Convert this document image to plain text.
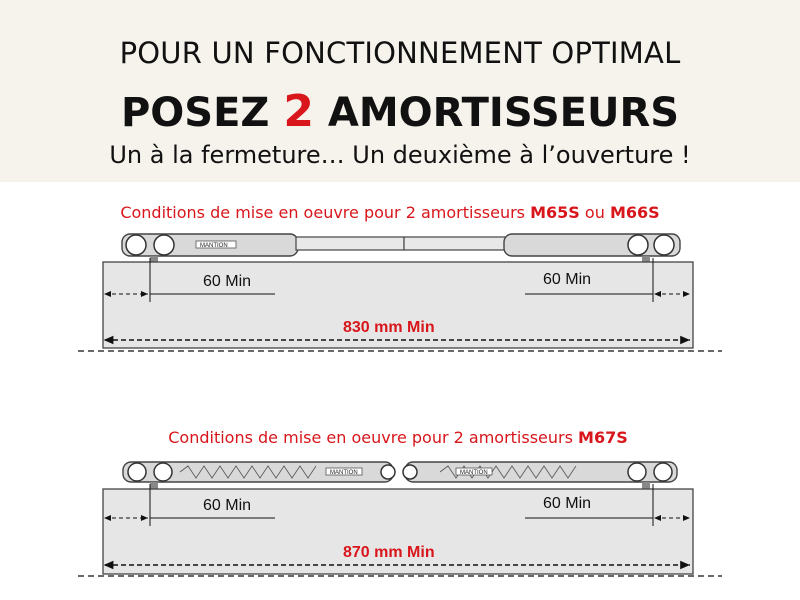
POUR UN FONCTIONNEMENT OPTIMAL
POSEZ 2 AMORTISSEURS
Un à la fermeture… Un deuxième à l’ouverture !
Conditions de mise en oeuvre pour 2 amortisseurs M65S ou M66S
MANTION
MANTION	MANTION
60 Min	60 Min
830 mm Min
Conditions de mise en oeuvre pour 2 amortisseurs M67S
60 Min	60 Min
870 mm Min
